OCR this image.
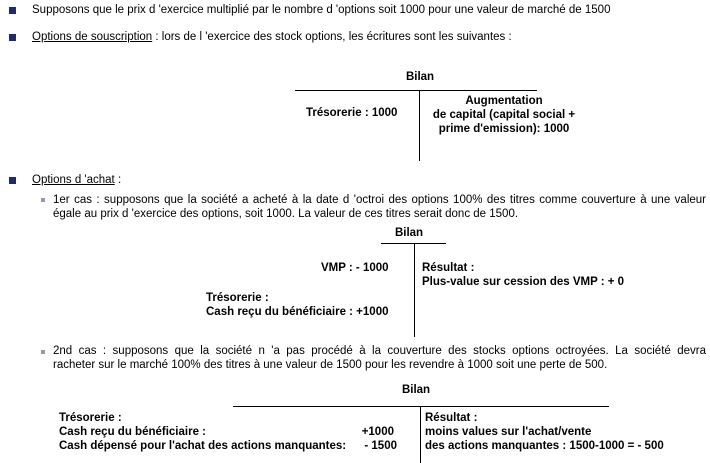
Supposons que le prix d 'exercice multiplié par le nombre d 'options soit 1000 pour une valeur de marché de 1500
Options de souscription : lors de l 'exercice des stock options, les écritures sont les suivantes :
Bilan
Trésorerie : 1000
Augmentation
de capital (capital social +
prime d'emission): 1000
Options d 'achat :
1er cas : supposons que la société a acheté à la date d 'octroi des options 100% des titres comme couverture à une valeur
égale au prix d 'exercice des options, soit 1000. La valeur de ces titres serait donc de 1500.
Bilan
VMP : - 1000
Trésorerie :
Cash reçu du bénéficiaire : +1000
Résultat :
Plus-value sur cession des VMP : + 0
2nd cas : supposons que la société n 'a pas procédé à la couverture des stocks options octroyées. La société devra
racheter sur le marché 100% des titres à une valeur de 1500 pour les revendre à 1000 soit une perte de 500.
Bilan
Trésorerie :
Cash reçu du bénéficiaire :	+1000
Cash dépensé pour l'achat des actions manquantes:	- 1500
Résultat :
moins values sur l'achat/vente
des actions manquantes : 1500-1000 = - 500
